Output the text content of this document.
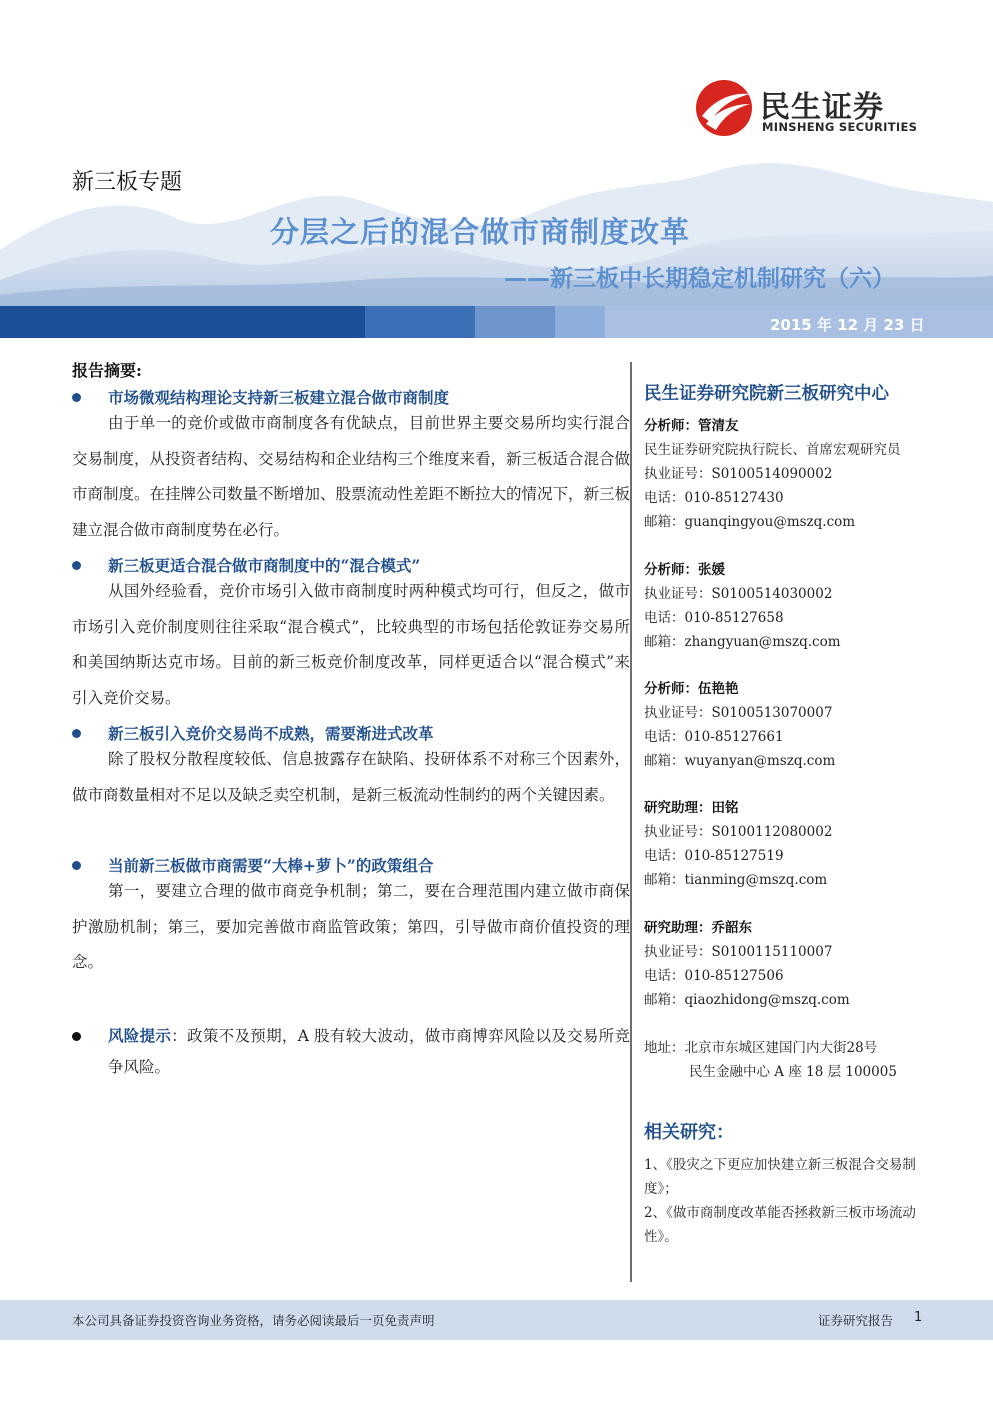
民生证券
MINSHENG SECURITIES
新三板专题
分层之后的混合做市商制度改革
——新三板中长期稳定机制研究（六）
2015 年 12 月 23 日
报告摘要:
市场微观结构理论支持新三板建立混合做市商制度

由于单一的竞价或做市商制度各有优缺点，目前世界主要交易所均实行混合交易制度，从投资者结构、交易结构和企业结构三个维度来看，新三板适合混合做市商制度。在挂牌公司数量不断增加、股票流动性差距不断拉大的情况下，新三板建立混合做市商制度势在必行。

新三板更适合混合做市商制度中的“混合模式”

从国外经验看，竞价市场引入做市商制度时两种模式均可行，但反之，做市市场引入竞价制度则往往采取“混合模式”，比较典型的市场包括伦敦证券交易所和美国纳斯达克市场。目前的新三板竞价制度改革，同样更适合以“混合模式”来引入竞价交易。

新三板引入竞价交易尚不成熟，需要渐进式改革

除了股权分散程度较低、信息披露存在缺陷、投研体系不对称三个因素外，做市商数量相对不足以及缺乏卖空机制，是新三板流动性制约的两个关键因素。

当前新三板做市商需要“大棒+萝卜”的政策组合

第一，要建立合理的做市商竞争机制；第二，要在合理范围内建立做市商保护激励机制；第三，要加完善做市商监管政策；第四，引导做市商价值投资的理念。

风险提示：政策不及预期，A 股有较大波动，做市商博弈风险以及交易所竞争风险。
民生证券研究院新三板研究中心
分析师：管清友
民生证券研究院执行院长、首席宏观研究员
执业证号：S0100514090002
电话：010-85127430
邮箱：guanqingyou@mszq.com
分析师：张媛
执业证号：S0100514030002
电话：010-85127658
邮箱：zhangyuan@mszq.com
分析师：伍艳艳
执业证号：S0100513070007
电话：010-85127661
邮箱：wuyanyan@mszq.com
研究助理：田铭
执业证号：S0100112080002
电话：010-85127519
邮箱：tianming@mszq.com
研究助理：乔韶东
执业证号：S0100115110007
电话：010-85127506
邮箱：qiaozhidong@mszq.com
地址：北京市东城区建国门内大街28号
民生金融中心 A 座 18 层 100005
相关研究：
1、《股灾之下更应加快建立新三板混合交易制度》；
2、《做市商制度改革能否拯救新三板市场流动性》。
本公司具备证券投资咨询业务资格，请务必阅读最后一页免责声明	证券研究报告 1
